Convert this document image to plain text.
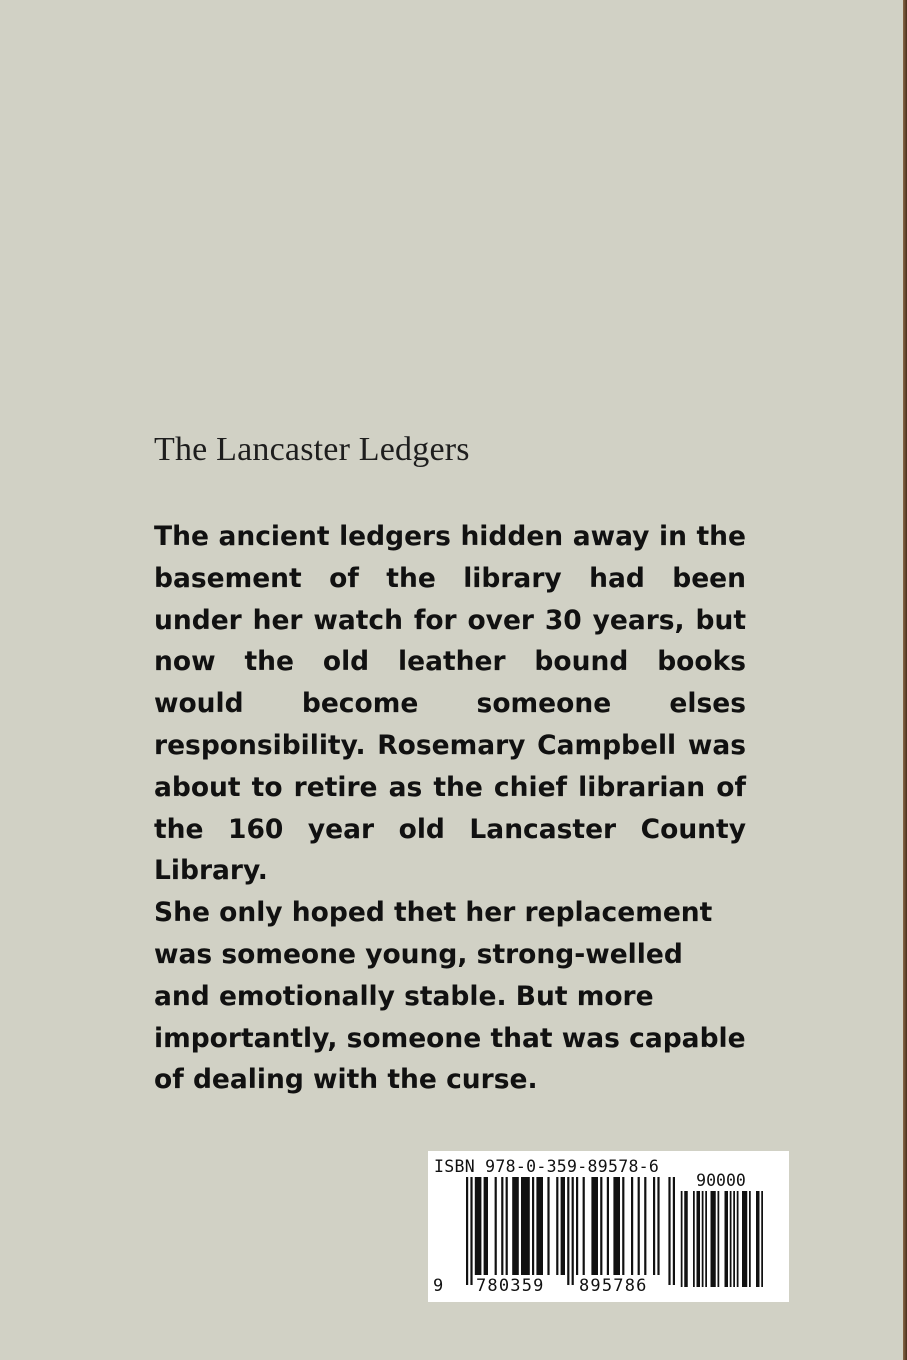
The Lancaster Ledgers

The ancient ledgers hidden away in the basement of the library had been under her watch for over 30 years, but now the old leather bound books would become someone elses responsibility. Rosemary Campbell was about to retire as the chief librarian of the 160 year old Lancaster County Library.

She only hoped thet her replacement was someone young, strong-welled and emotionally stable. But more importantly, someone that was capable of dealing with the curse.

ISBN 978-0-359-89578-6
90000
9 780359 895786
